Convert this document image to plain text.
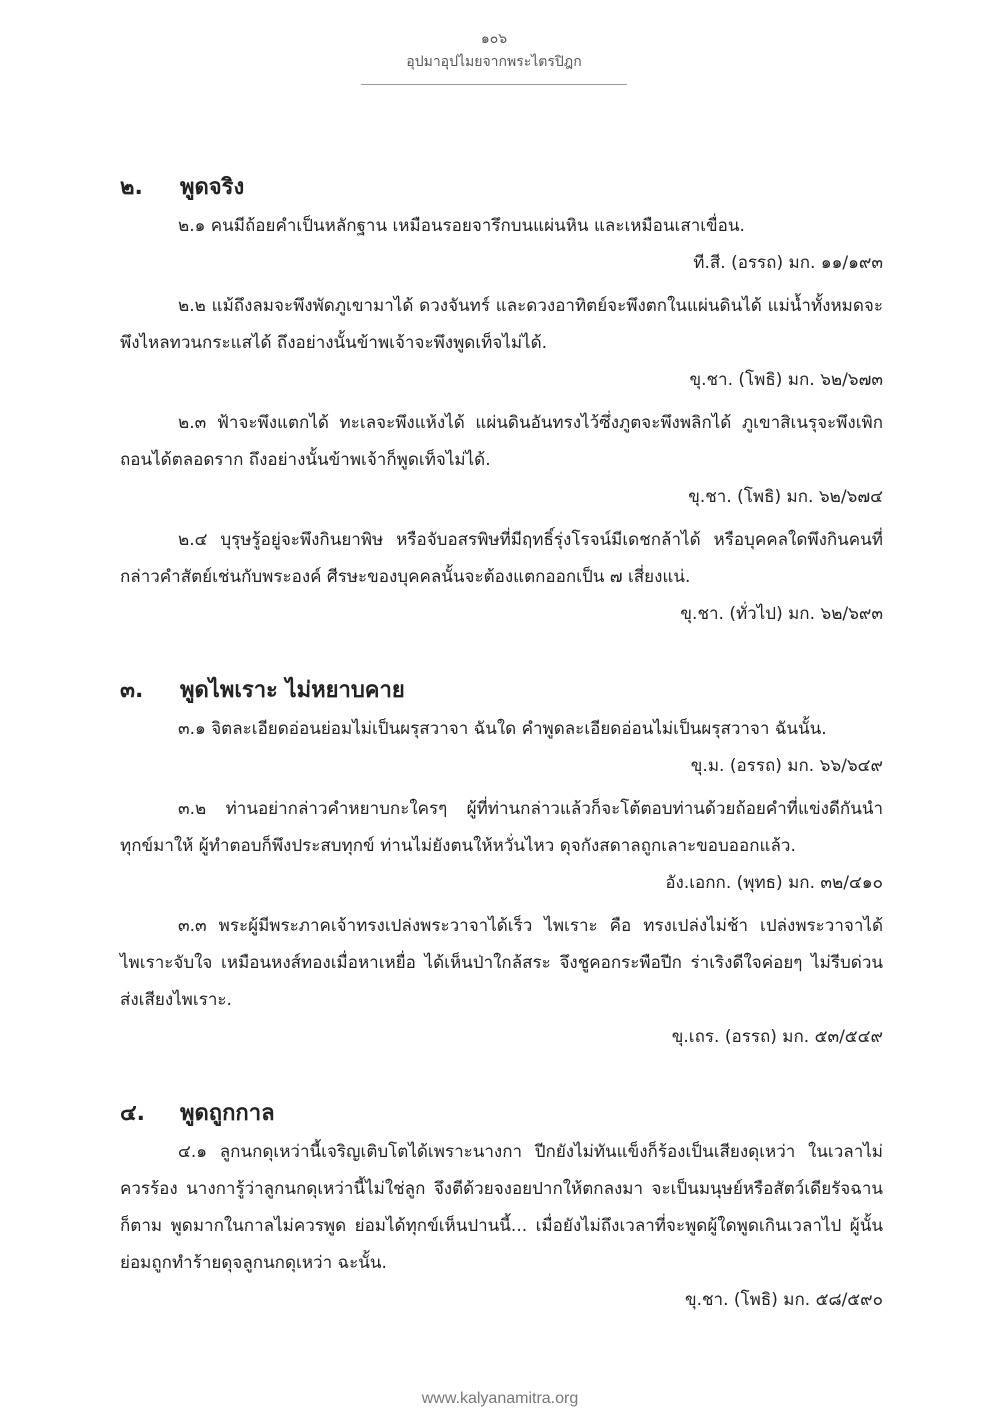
๑๐๖
อุปมาอุปไมยจากพระไตรปิฎก
๒. พูดจริง

๒.๑ คนมีถ้อยคำเป็นหลักฐาน เหมือนรอยจารึกบนแผ่นหิน และเหมือนเสาเขื่อน.

ที.สี. (อรรถ) มก. ๑๑/๑๙๓

๒.๒ แม้ถึงลมจะพึงพัดภูเขามาได้ ดวงจันทร์ และดวงอาทิตย์จะพึงตกในแผ่นดินได้ แม่น้ำทั้งหมดจะพึงไหลทวนกระแสได้ ถึงอย่างนั้นข้าพเจ้าจะพึงพูดเท็จไม่ได้.

ขุ.ชา. (โพธิ) มก. ๖๒/๖๗๓

๒.๓ ฟ้าจะพึงแตกได้ ทะเลจะพึงแห้งได้ แผ่นดินอันทรงไว้ซึ่งภูตจะพึงพลิกได้ ภูเขาสิเนรุจะพึงเพิกถอนได้ตลอดราก ถึงอย่างนั้นข้าพเจ้าก็พูดเท็จไม่ได้.

ขุ.ชา. (โพธิ) มก. ๖๒/๖๗๔

๒.๔ บุรุษรู้อยู่จะพึงกินยาพิษ หรือจับอสรพิษที่มีฤทธิ์รุ่งโรจน์มีเดชกล้าได้ หรือบุคคลใดพึงกินคนที่กล่าวคำสัตย์เช่นกับพระองค์ ศีรษะของบุคคลนั้นจะต้องแตกออกเป็น ๗ เสี่ยงแน่.

ขุ.ชา. (ทั่วไป) มก. ๖๒/๖๙๓

๓. พูดไพเราะ ไม่หยาบคาย

๓.๑ จิตละเอียดอ่อนย่อมไม่เป็นผรุสวาจา ฉันใด คำพูดละเอียดอ่อนไม่เป็นผรุสวาจา ฉันนั้น.

ขุ.ม. (อรรถ) มก. ๖๖/๖๔๙

๓.๒ ท่านอย่ากล่าวคำหยาบกะใครๆ ผู้ที่ท่านกล่าวแล้วก็จะโต้ตอบท่านด้วยถ้อยคำที่แข่งดีกันนำทุกข์มาให้ ผู้ทำตอบก็พึงประสบทุกข์ ท่านไม่ยังตนให้หวั่นไหว ดุจกังสดาลถูกเลาะขอบออกแล้ว.

อัง.เอกก. (พุทธ) มก. ๓๒/๔๑๐

๓.๓ พระผู้มีพระภาคเจ้าทรงเปล่งพระวาจาได้เร็ว ไพเราะ คือ ทรงเปล่งไม่ช้า เปล่งพระวาจาได้ไพเราะจับใจ เหมือนหงส์ทองเมื่อหาเหยื่อ ได้เห็นป่าใกล้สระ จึงชูคอกระพือปีก ร่าเริงดีใจค่อยๆ ไม่รีบด่วน ส่งเสียงไพเราะ.

ขุ.เถร. (อรรถ) มก. ๕๓/๕๔๙

๔. พูดถูกกาล

๔.๑ ลูกนกดุเหว่านี้เจริญเติบโตได้เพราะนางกา ปีกยังไม่ทันแข็งก็ร้องเป็นเสียงดุเหว่า ในเวลาไม่ควรร้อง นางการู้ว่าลูกนกดุเหว่านี้ไม่ใช่ลูก จึงตีด้วยจงอยปากให้ตกลงมา จะเป็นมนุษย์หรือสัตว์เดียรัจฉานก็ตาม พูดมากในกาลไม่ควรพูด ย่อมได้ทุกข์เห็นปานนี้... เมื่อยังไม่ถึงเวลาที่จะพูดผู้ใดพูดเกินเวลาไป ผู้นั้นย่อมถูกทำร้ายดุจลูกนกดุเหว่า ฉะนั้น.

ขุ.ชา. (โพธิ) มก. ๕๘/๕๙๐

www.kalyanamitra.org
